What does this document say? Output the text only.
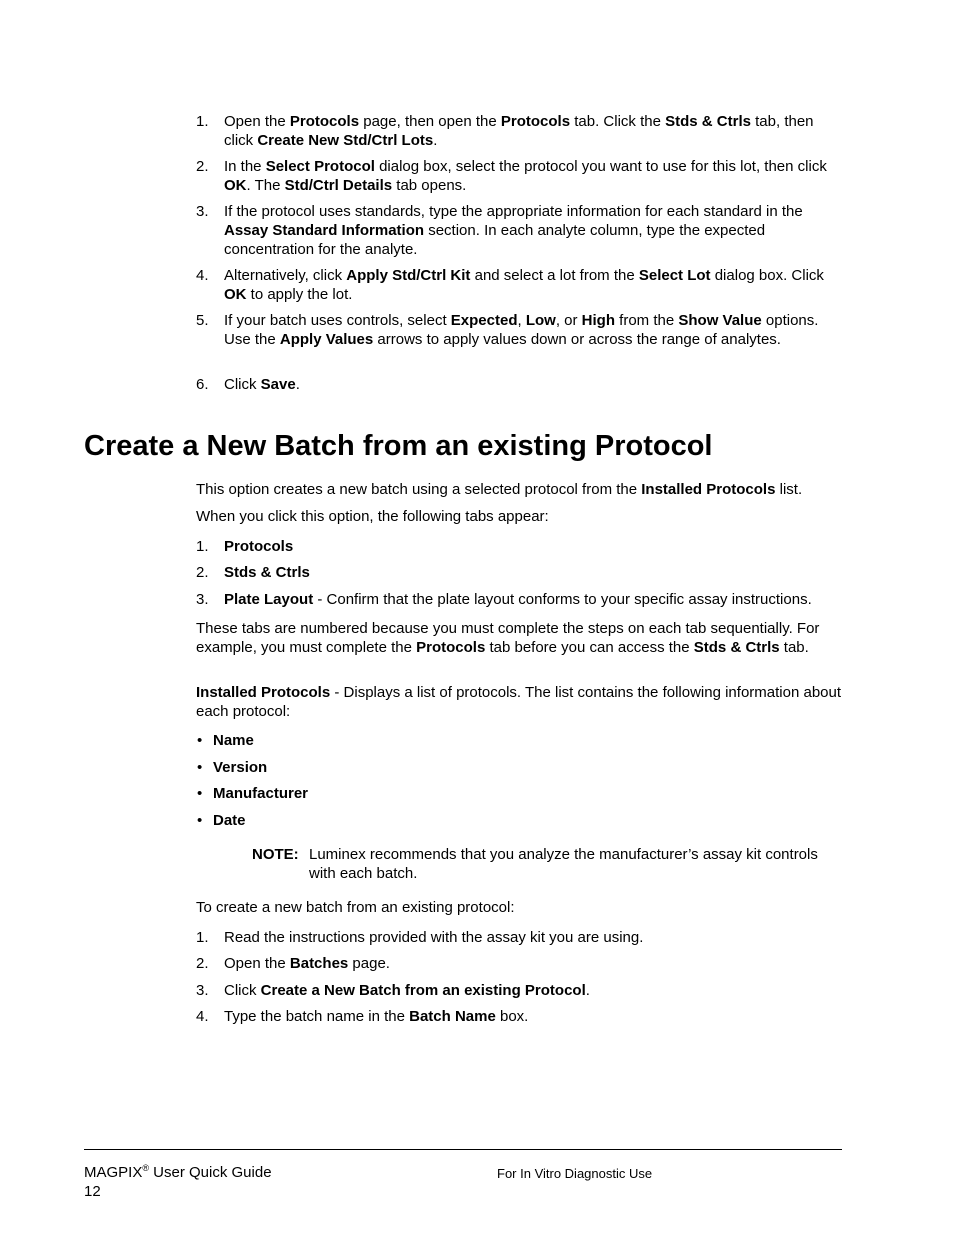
1. Open the Protocols page, then open the Protocols tab. Click the Stds & Ctrls tab, then click Create New Std/Ctrl Lots.
2. In the Select Protocol dialog box, select the protocol you want to use for this lot, then click OK. The Std/Ctrl Details tab opens.
3. If the protocol uses standards, type the appropriate information for each standard in the Assay Standard Information section. In each analyte column, type the expected concentration for the analyte.
4. Alternatively, click Apply Std/Ctrl Kit and select a lot from the Select Lot dialog box. Click OK to apply the lot.
5. If your batch uses controls, select Expected, Low, or High from the Show Value options. Use the Apply Values arrows to apply values down or across the range of analytes.
6. Click Save.
Create a New Batch from an existing Protocol
This option creates a new batch using a selected protocol from the Installed Protocols list.
When you click this option, the following tabs appear:
1. Protocols
2. Stds & Ctrls
3. Plate Layout - Confirm that the plate layout conforms to your specific assay instructions.
These tabs are numbered because you must complete the steps on each tab sequentially. For example, you must complete the Protocols tab before you can access the Stds & Ctrls tab.
Installed Protocols - Displays a list of protocols. The list contains the following information about each protocol:
• Name
• Version
• Manufacturer
• Date
NOTE: Luminex recommends that you analyze the manufacturer’s assay kit controls with each batch.
To create a new batch from an existing protocol:
1. Read the instructions provided with the assay kit you are using.
2. Open the Batches page.
3. Click Create a New Batch from an existing Protocol.
4. Type the batch name in the Batch Name box.
MAGPIX® User Quick Guide
12
For In Vitro Diagnostic Use
